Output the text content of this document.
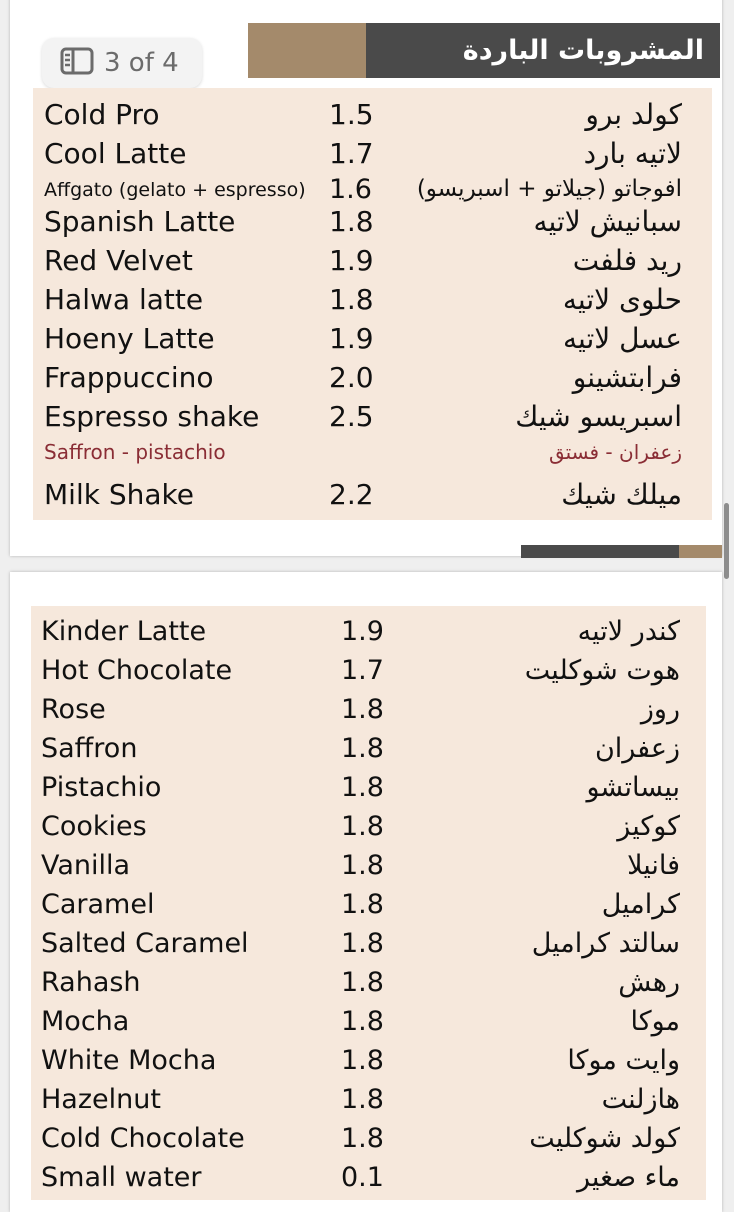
المشروبات الباردة
3 of 4
Cold Pro	1.5	كولد برو
Cool Latte	1.7	لاتيه بارد
Affgato (gelato + espresso) 1.6 افوجاتو (جيلاتو + اسبريسو)
Spanish Latte	1.8	سبانيش لاتيه
Red Velvet	1.9	ريد فلفت
Halwa latte	1.8	حلوى لاتيه
Hoeny Latte	1.9	عسل لاتيه
Frappuccino	2.0	فرابتشينو
Espresso shake 2.5	اسبريسو شيك
Saffron - pistachio	زعفران - فستق
Milk Shake	2.2	ميلك شيك
Kinder Latte	1.9	كندر لاتيه
Hot Chocolate	1.7	هوت شوكليت
Rose	1.8	روز
Saffron	1.8	زعفران
Pistachio	1.8	بيساتشو
Cookies	1.8	كوكيز
Vanilla	1.8	فانيلا
Caramel	1.8	كراميل
Salted Caramel	1.8	سالتد كراميل
Rahash	1.8	رهش
Mocha	1.8	موكا
White Mocha	1.8	وايت موكا
Hazelnut	1.8	هازلنت
Cold Chocolate	1.8	كولد شوكليت
Small water	0.1	ماء صغير
